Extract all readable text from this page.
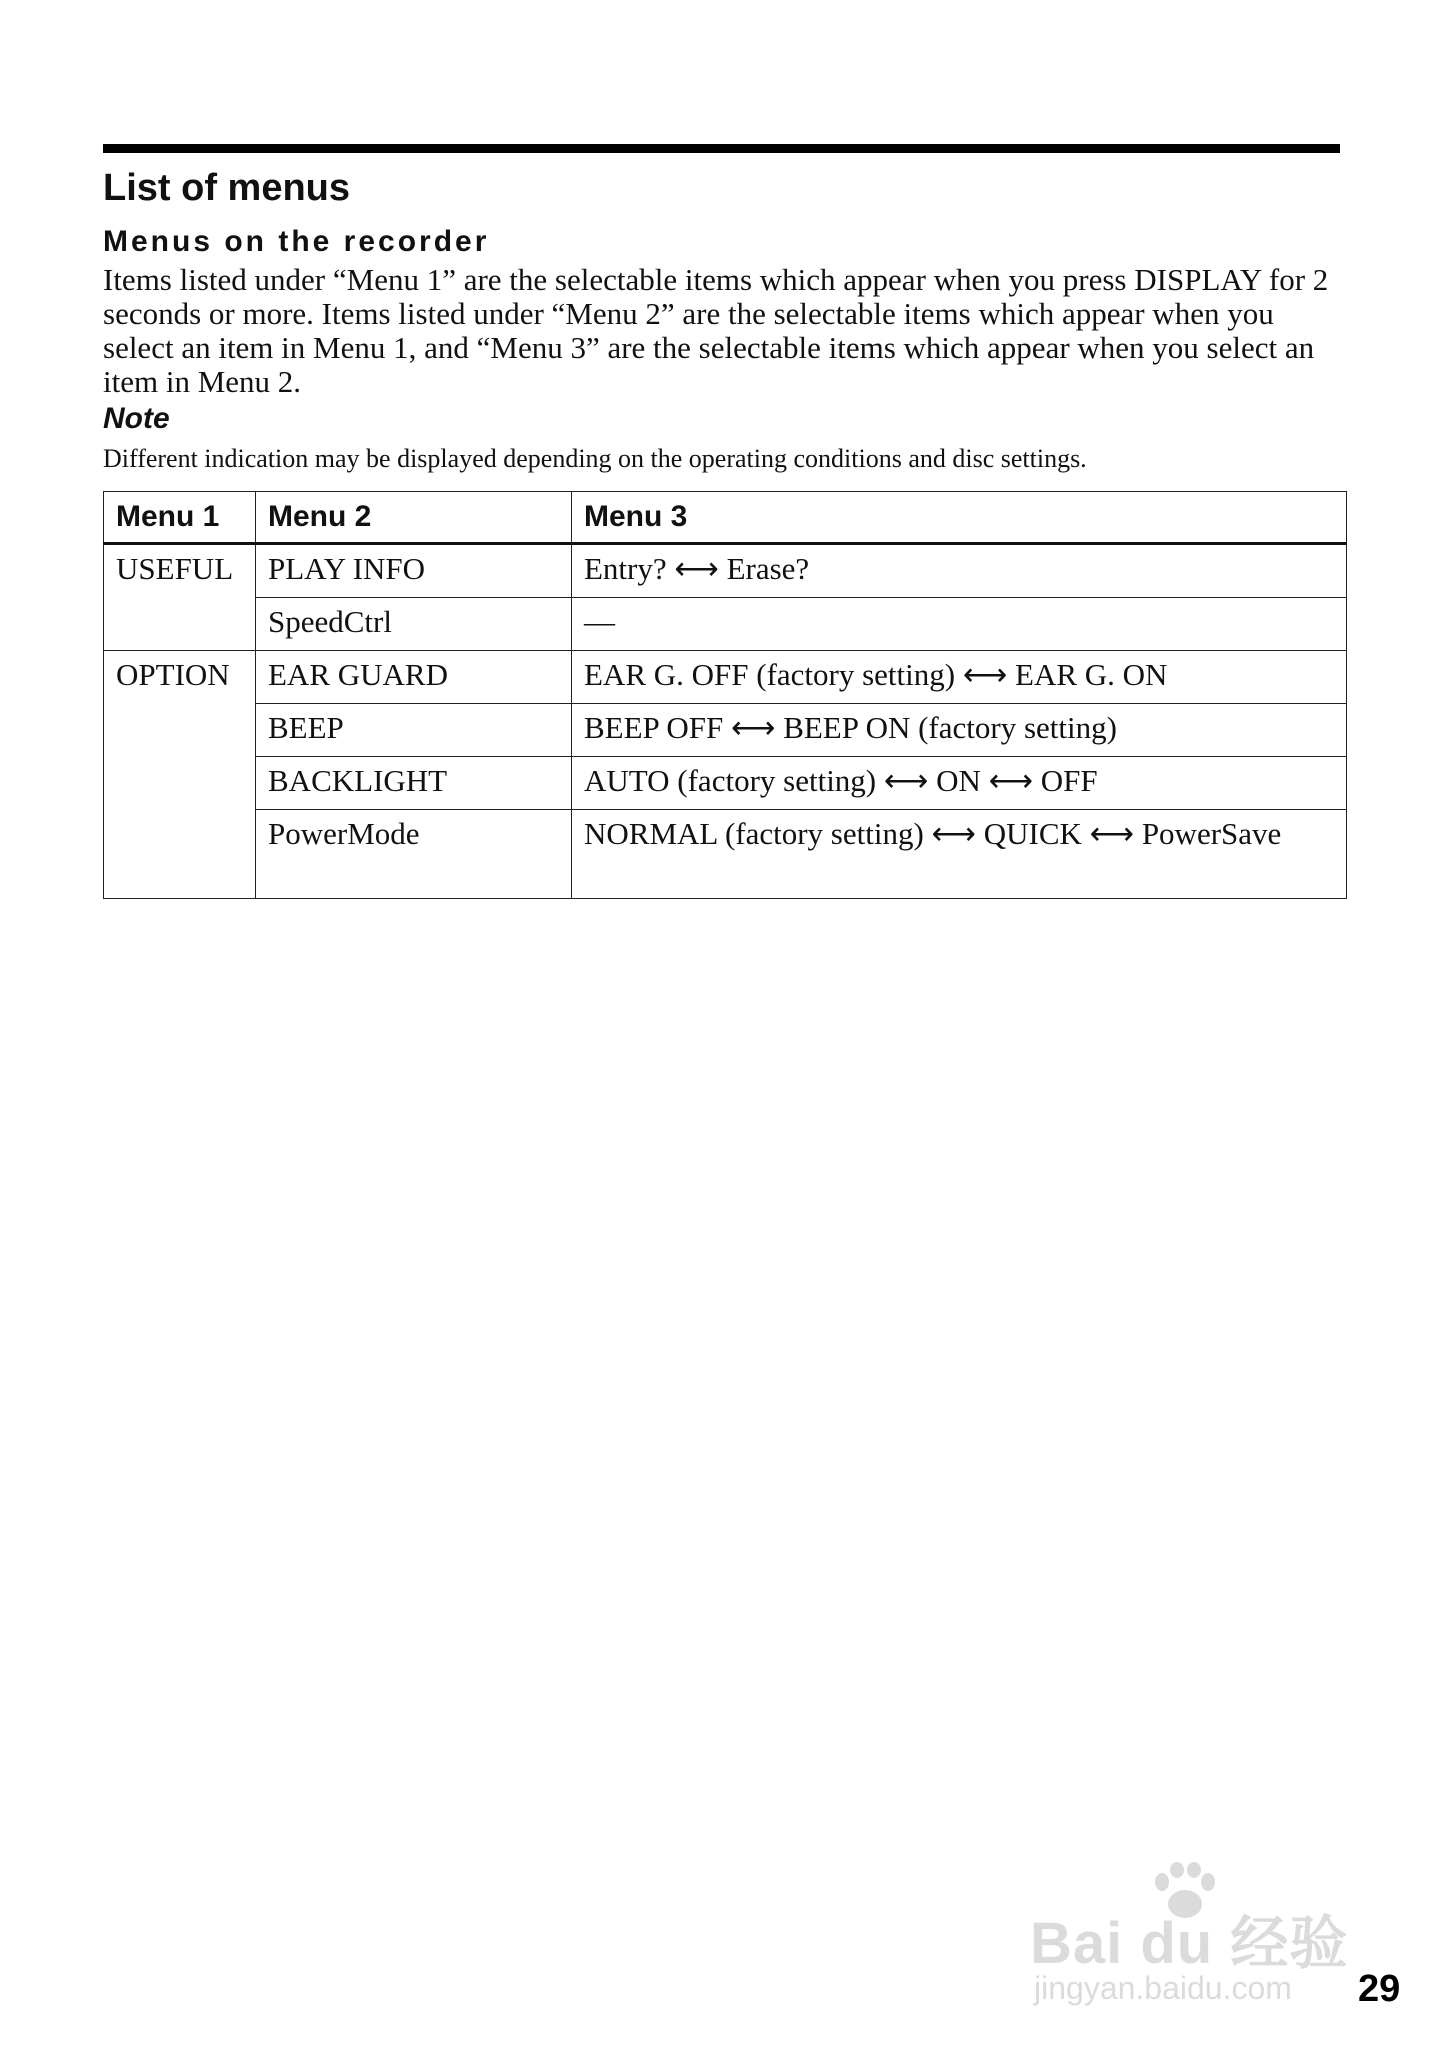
List of menus
Menus on the recorder

Items listed under “Menu 1” are the selectable items which appear when you press DISPLAY for 2 seconds or more. Items listed under “Menu 2” are the selectable items which appear when you select an item in Menu 1, and “Menu 3” are the selectable items which appear when you select an item in Menu 2.

Note

Different indication may be displayed depending on the operating conditions and disc settings.

Menu 1	Menu 2	Menu 3
USEFUL	PLAY INFO	Entry? ⟷ Erase?
	SpeedCtrl	—
OPTION	EAR GUARD	EAR G. OFF (factory setting) ⟷ EAR G. ON
	BEEP	BEEP OFF ⟷ BEEP ON (factory setting)
	BACKLIGHT	AUTO (factory setting) ⟷ ON ⟷ OFF
	PowerMode	NORMAL (factory setting) ⟷ QUICK ⟷ PowerSave
Bai du 经验
jingyan.baidu.com 29
